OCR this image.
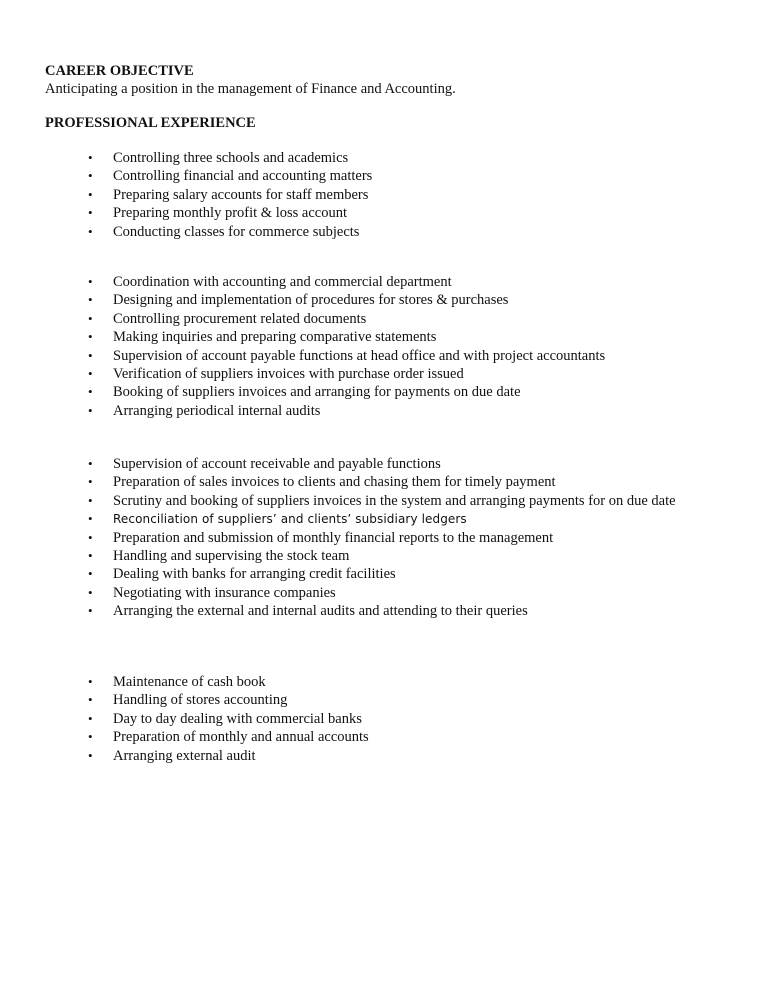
CAREER OBJECTIVE
Anticipating a position in the management of Finance and Accounting.
PROFESSIONAL EXPERIENCE
• Controlling three schools and academics
• Controlling financial and accounting matters
• Preparing salary accounts for staff members
• Preparing monthly profit & loss account
• Conducting classes for commerce subjects
• Coordination with accounting and commercial department
• Designing and implementation of procedures for stores & purchases
• Controlling procurement related documents
• Making inquiries and preparing comparative statements
• Supervision of account payable functions at head office and with project accountants
• Verification of suppliers invoices with purchase order issued
• Booking of suppliers invoices and arranging for payments on due date
• Arranging periodical internal audits
• Supervision of account receivable and payable functions
• Preparation of sales invoices to clients and chasing them for timely payment
• Scrutiny and booking of suppliers invoices in the system and arranging payments for on due date
• Reconciliation of suppliers’ and clients’ subsidiary ledgers
• Preparation and submission of monthly financial reports to the management
• Handling and supervising the stock team
• Dealing with banks for arranging credit facilities
• Negotiating with insurance companies
• Arranging the external and internal audits and attending to their queries
• Maintenance of cash book
• Handling of stores accounting
• Day to day dealing with commercial banks
• Preparation of monthly and annual accounts
• Arranging external audit
